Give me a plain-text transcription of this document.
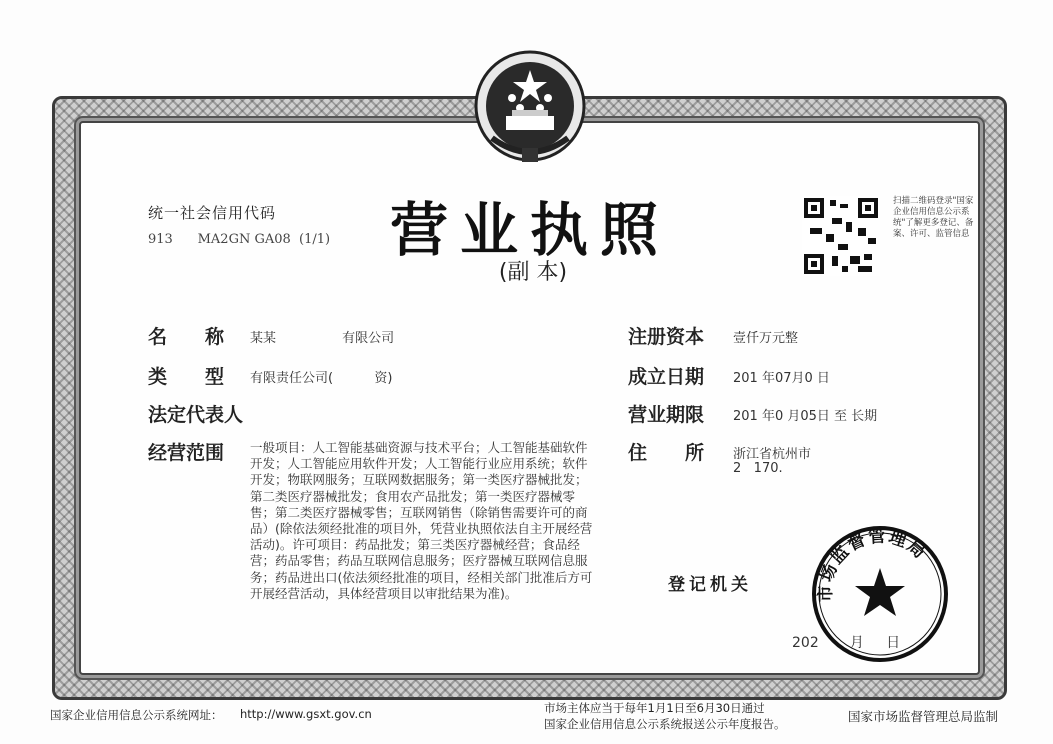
统一社会信用代码
913      MA2GN GA08  (1/1) 营业执照
(副 本)
扫描二维码登录"国家企业信用信息公示系统"了解更多登记、备案、许可、监管信息
名　　称 某某                有限公司
类　　型 有限责任公司(          资)
法定代表人
经营范围 一般项目：人工智能基础资源与技术平台；人工智能基础软件开发；人工智能应用软件开发；人工智能行业应用系统；软件开发；物联网服务；互联网数据服务；第一类医疗器械批发；第二类医疗器械批发；食用农产品批发；第一类医疗器械零售；第二类医疗器械零售；互联网销售（除销售需要许可的商品）(除依法须经批准的项目外，凭营业执照依法自主开展经营活动)。许可项目：药品批发；第三类医疗器械经营；食品经营；药品零售；药品互联网信息服务；医疗器械互联网信息服务；药品进出口(依法须经批准的项目，经相关部门批准后方可开展经营活动，具体经营项目以审批结果为准)。
注册资本 壹仟万元整
成立日期 201 年07月0 日
营业期限 201 年0 月05日 至 长期
住　　所 浙江省杭州市
2   170.
登记机关	市场监督管理局
202       月     日
国家企业信用信息公示系统网址： http://www.gsxt.gov.cn	市场主体应当于每年1月1日至6月30日通过
国家企业信用信息公示系统报送公示年度报告。	国家市场监督管理总局监制
